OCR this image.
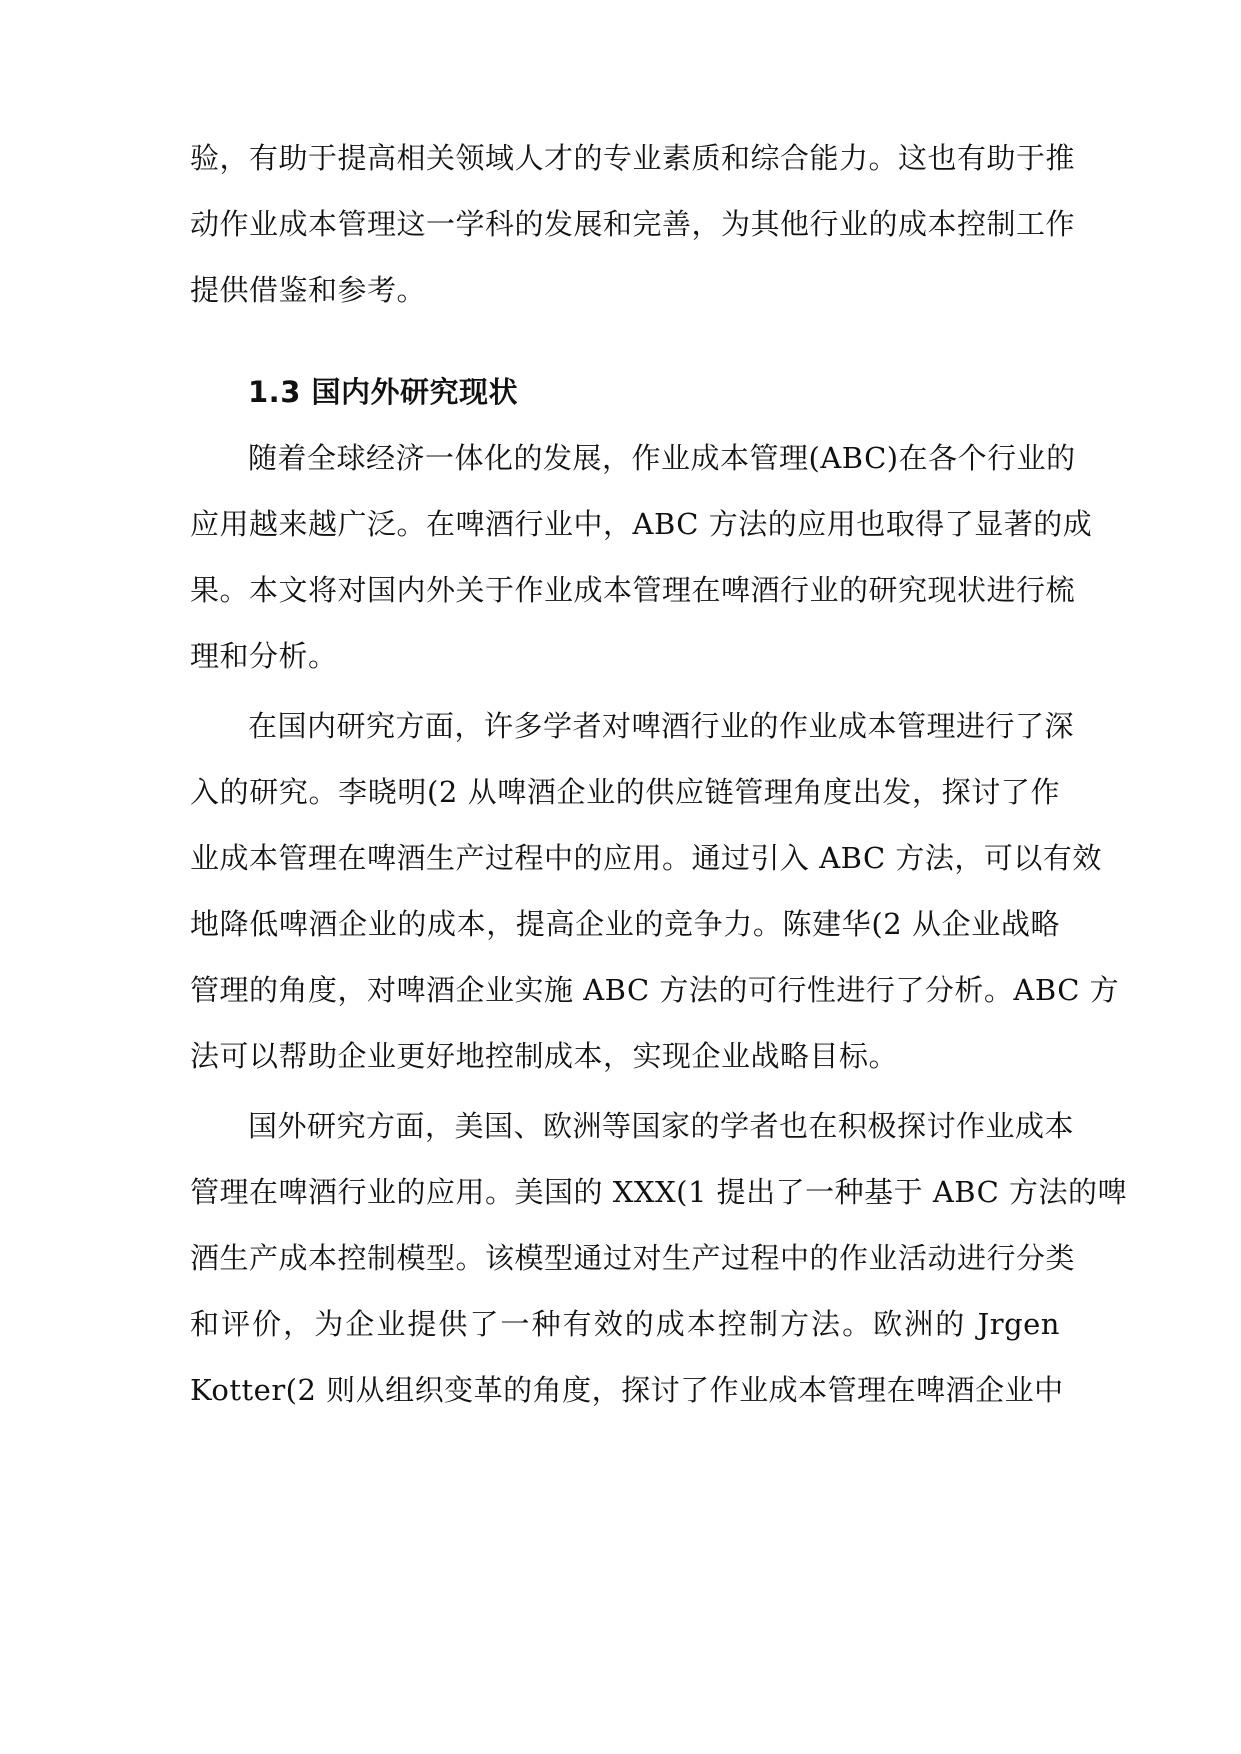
验，有助于提高相关领域人才的专业素质和综合能力。这也有助于推
动作业成本管理这一学科的发展和完善，为其他行业的成本控制工作
提供借鉴和参考。
1.3 国内外研究现状
随着全球经济一体化的发展，作业成本管理(ABC)在各个行业的
应用越来越广泛。在啤酒行业中，ABC 方法的应用也取得了显著的成
果。本文将对国内外关于作业成本管理在啤酒行业的研究现状进行梳
理和分析。
在国内研究方面，许多学者对啤酒行业的作业成本管理进行了深
入的研究。李晓明(2 从啤酒企业的供应链管理角度出发，探讨了作
业成本管理在啤酒生产过程中的应用。通过引入 ABC 方法，可以有效
地降低啤酒企业的成本，提高企业的竞争力。陈建华(2 从企业战略
管理的角度，对啤酒企业实施 ABC 方法的可行性进行了分析。ABC 方
法可以帮助企业更好地控制成本，实现企业战略目标。
国外研究方面，美国、欧洲等国家的学者也在积极探讨作业成本
管理在啤酒行业的应用。美国的 XXX(1 提出了一种基于 ABC 方法的啤
酒生产成本控制模型。该模型通过对生产过程中的作业活动进行分类
和评价，为企业提供了一种有效的成本控制方法。欧洲的 Jrgen
Kotter(2 则从组织变革的角度，探讨了作业成本管理在啤酒企业中
